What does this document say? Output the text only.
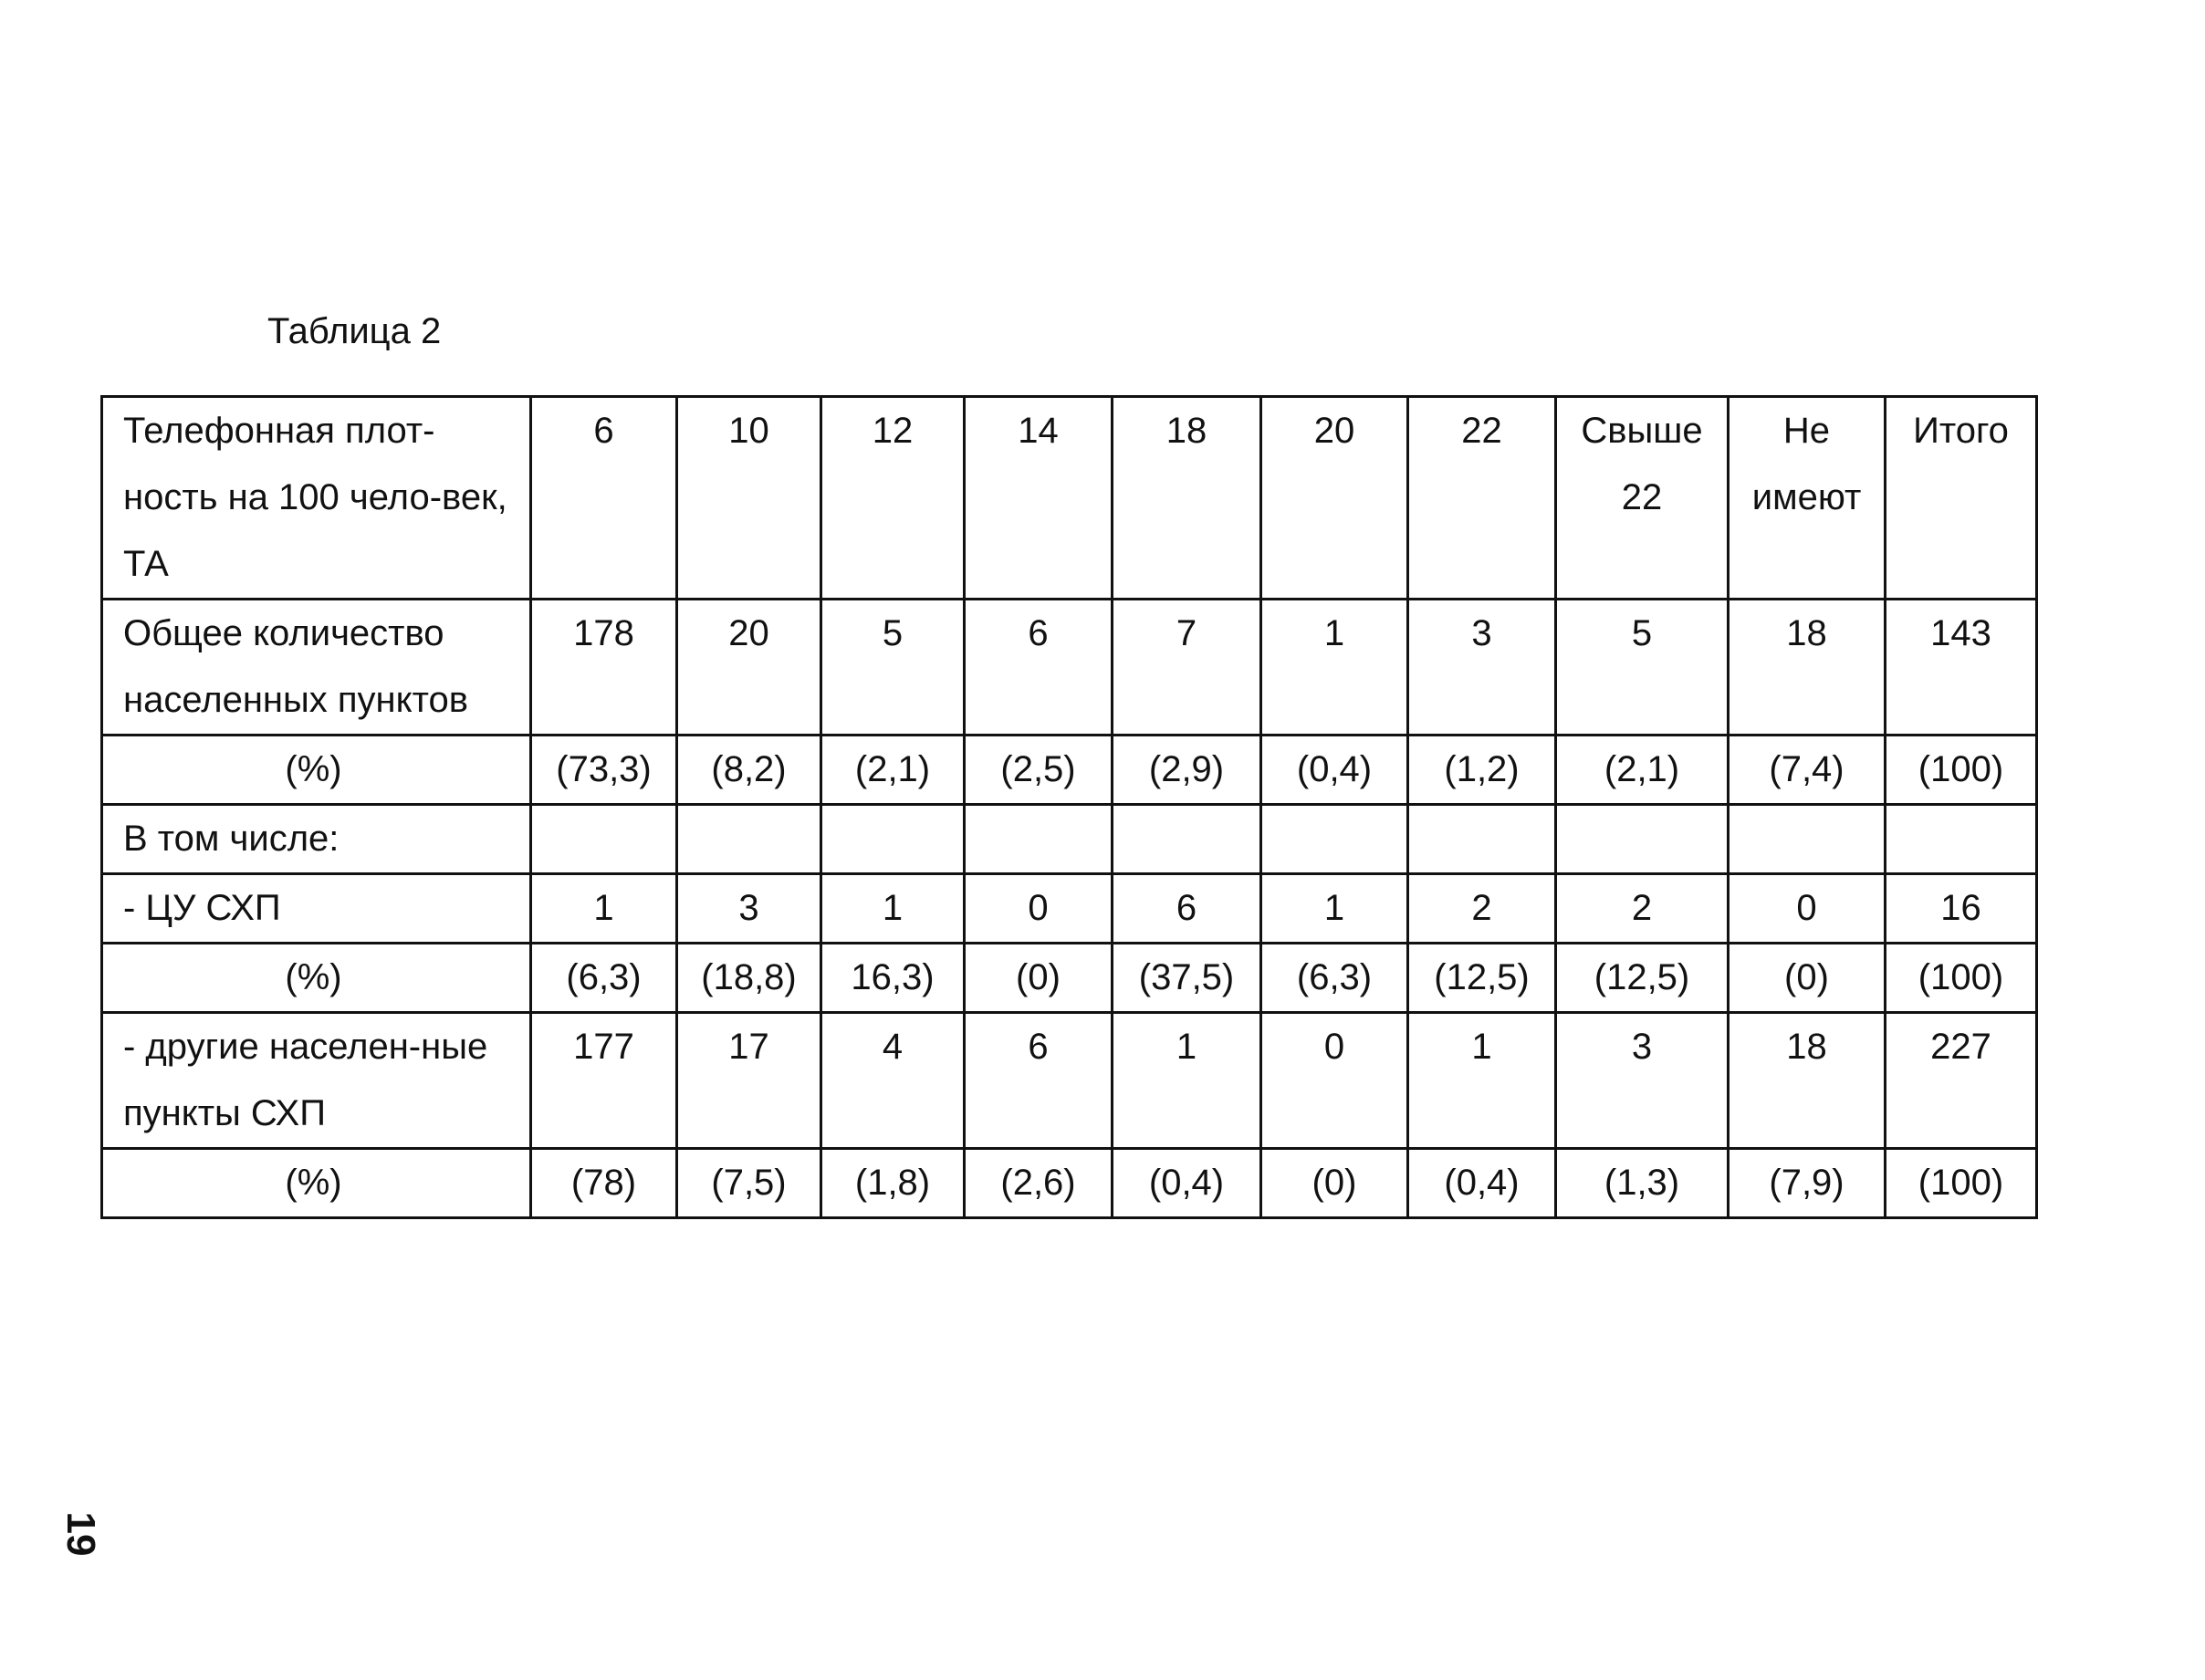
Таблица 2
Телефонная плот-ность на 100 чело-век, ТА	6	10	12	14	18	20	22	Свыше 22	Не имеют	Итого
Общее количество населенных пунктов	178	20	5	6	7	1	3	5	18	143
(%)	(73,3)	(8,2)	(2,1)	(2,5)	(2,9)	(0,4)	(1,2)	(2,1)	(7,4)	(100)
В том числе:										
- ЦУ СХП	1	3	1	0	6	1	2	2	0	16
(%)	(6,3)	(18,8)	16,3)	(0)	(37,5)	(6,3)	(12,5)	(12,5)	(0)	(100)
- другие населен-ные пункты СХП	177	17	4	6	1	0	1	3	18	227
(%)	(78)	(7,5)	(1,8)	(2,6)	(0,4)	(0)	(0,4)	(1,3)	(7,9)	(100)
19
